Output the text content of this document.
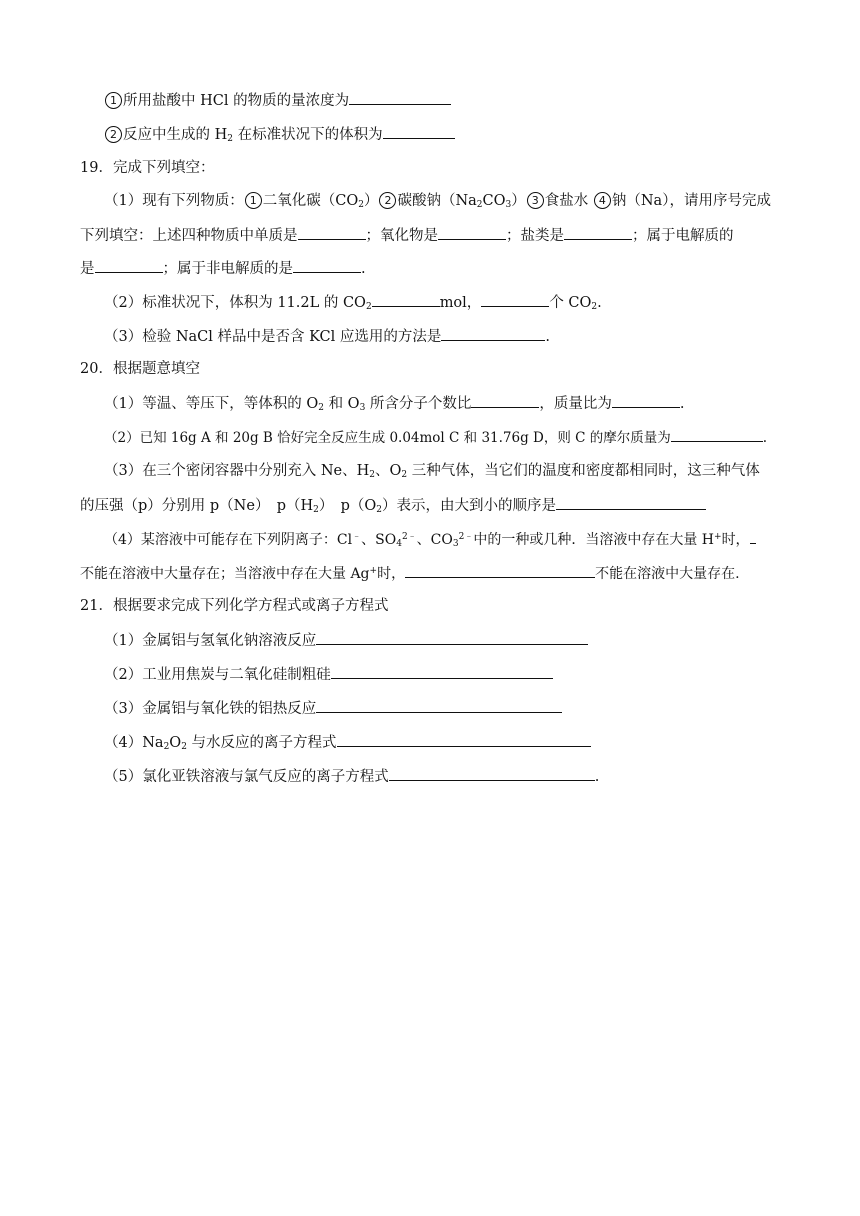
1 所用盐酸中 HCl 的物质的量浓度为
2 反应中生成的 $H_2$ 在标准状况下的体积为
19．完成下列填空：
（1）现有下列物质： 1 二氧化碳$(CO_2)$ 2 碳酸钠$(Na_2CO_3)$ 3 食盐水 4 钠（Na），请用序号完成
下列填空：上述四种物质中单质是	；氧化物是	；盐类是	；属于电解质的
是	；属于非电解质的是	.
（2）标准状况下，体积为 11.2L 的 $CO_2$	mol，	个 $CO_2$.
（3）检验 NaCl 样品中是否含 KCl 应选用的方法是	.
20．根据题意填空
（1）等温、等压下，等体积的 $O_2$ 和 $O_3$ 所含分子个数比	，质量比为	.
（2）已知 16g A 和 20g B 恰好完全反应生成 0.04mol C 和 31.76g D，则 C 的摩尔质量为	.
（3）在三个密闭容器中分别充入 Ne、$H_2$、$O_2$ 三种气体，当它们的温度和密度都相同时，这三种气体
的压强（p）分别用 p（Ne）　$p(H_2)$　$p(O_2)$表示，由大到小的顺序是
（4）某溶液中可能存在下列阴离子：Cl﹣、$SO_4^{2﹣}$、$CO_3^{2﹣}$中的一种或几种．当溶液中存在大量 H+时，
不能在溶液中大量存在；当溶液中存在大量 Ag+时，	不能在溶液中大量存在.
21．根据要求完成下列化学方程式或离子方程式
（1）金属铝与氢氧化钠溶液反应
（2）工业用焦炭与二氧化硅制粗硅
（3）金属铝与氧化铁的铝热反应
$(4)Na_2O_2$ 与水反应的离子方程式
（5）氯化亚铁溶液与氯气反应的离子方程式	.
